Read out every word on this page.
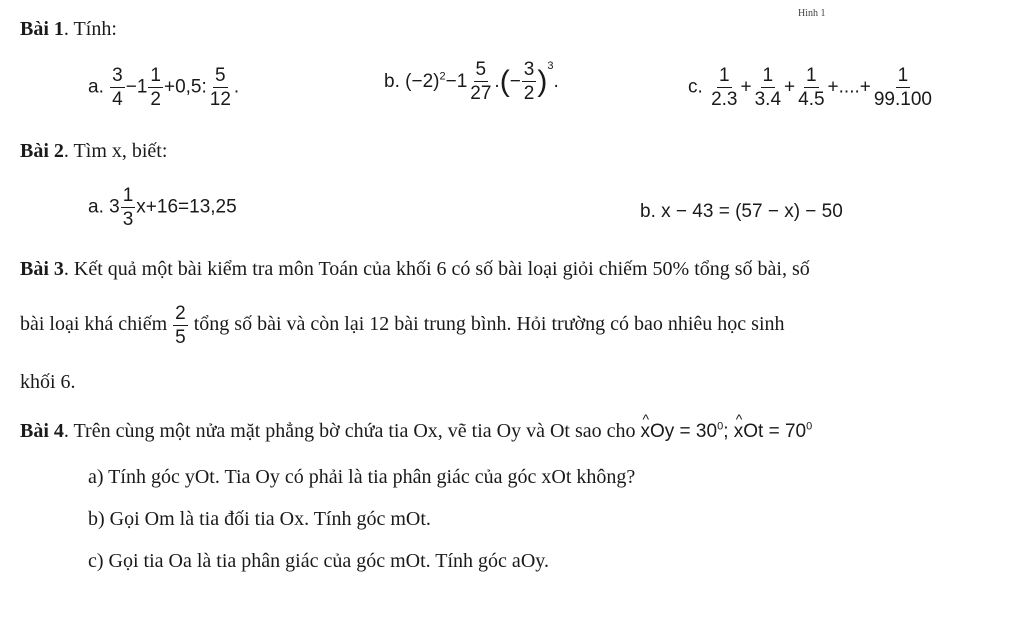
Hình 1
Bài 1. Tính:
a. $\frac{3}{4} -1 \frac{1}{2} +0,5$: $\frac{5}{12}$ .	b. $(-2)^2-1 \frac{5}{27}$ .(− $\frac{3}{2} )^3$.	c. $\frac{1}{2.3} + \frac{1}{3.4} + \frac{1}{4.5}$ +....+ $\frac{1}{99.100}$
Bài 2. Tìm x, biết:
a. $3 \frac{1}{3} x+16=13,25$	b. x − 43 = (57 − x) − 50
Bài 3. Kết quả một bài kiểm tra môn Toán của khối 6 có số bài loại giỏi chiếm 50% tổng số bài, số
bài loại khá chiếm $\frac{2}{5}$ tổng số bài và còn lại 12 bài trung bình. Hỏi trường có bao nhiêu học sinh
khối 6.
Bài 4. Trên cùng một nửa mặt phẳng bờ chứa tia Ox, vẽ tia Oy và Ot sao cho ^ xOy = $30^0$; ^ xOt = $70^0$
a) Tính góc yOt. Tia Oy có phải là tia phân giác của góc xOt không?
b) Gọi Om là tia đối tia Ox. Tính góc mOt.
c) Gọi tia Oa là tia phân giác của góc mOt. Tính góc aOy.
